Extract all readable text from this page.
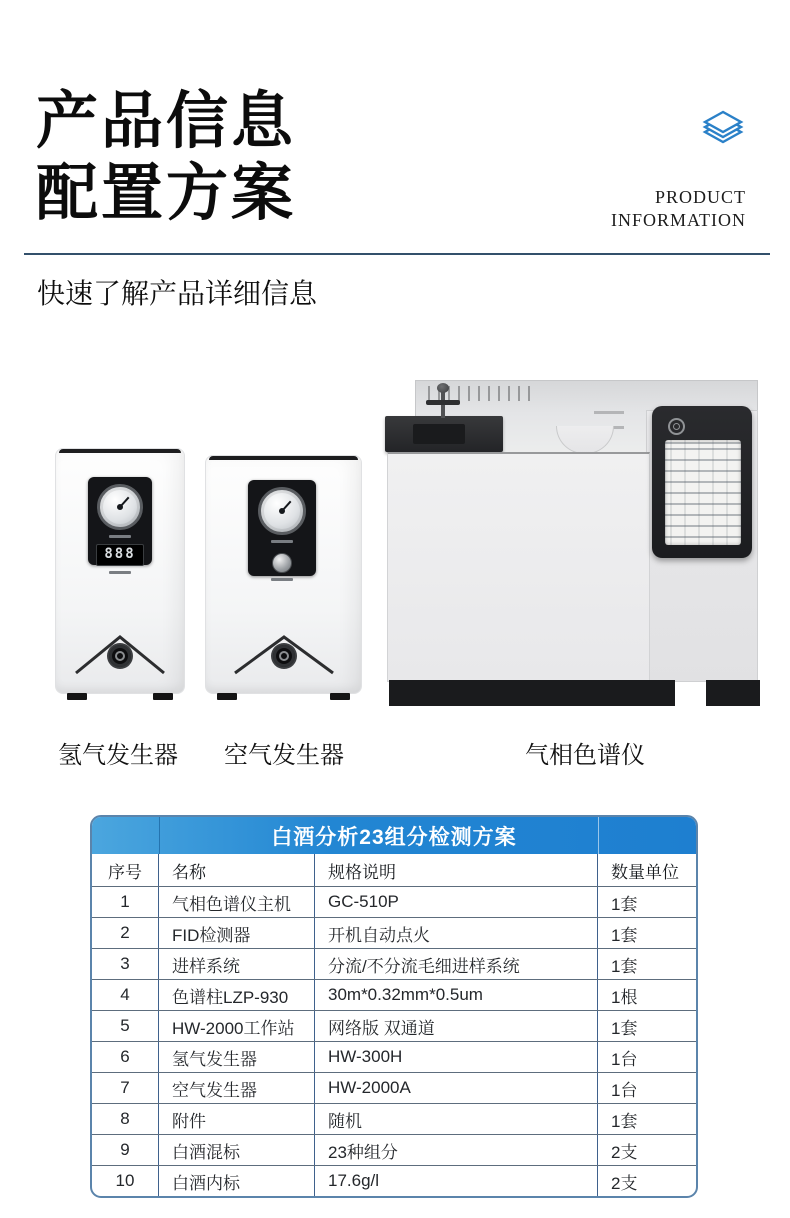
产品信息
配置方案	PRODUCT
INFORMATION
快速了解产品详细信息
888
氢气发生器	空气发生器	气相色谱仪
白酒分析23组分检测方案
序号	名称	规格说明	数量单位
1	气相色谱仪主机	GC-510P	1套
2	FID检测器	开机自动点火	1套
3	进样系统	分流/不分流毛细进样系统	1套
4	色谱柱LZP-930	30m*0.32mm*0.5um	1根
5	HW-2000工作站	网络版 双通道	1套
6	氢气发生器	HW-300H	1台
7	空气发生器	HW-2000A	1台
8	附件	随机	1套
9	白酒混标	23种组分	2支
10	白酒内标	17.6g/l	2支
